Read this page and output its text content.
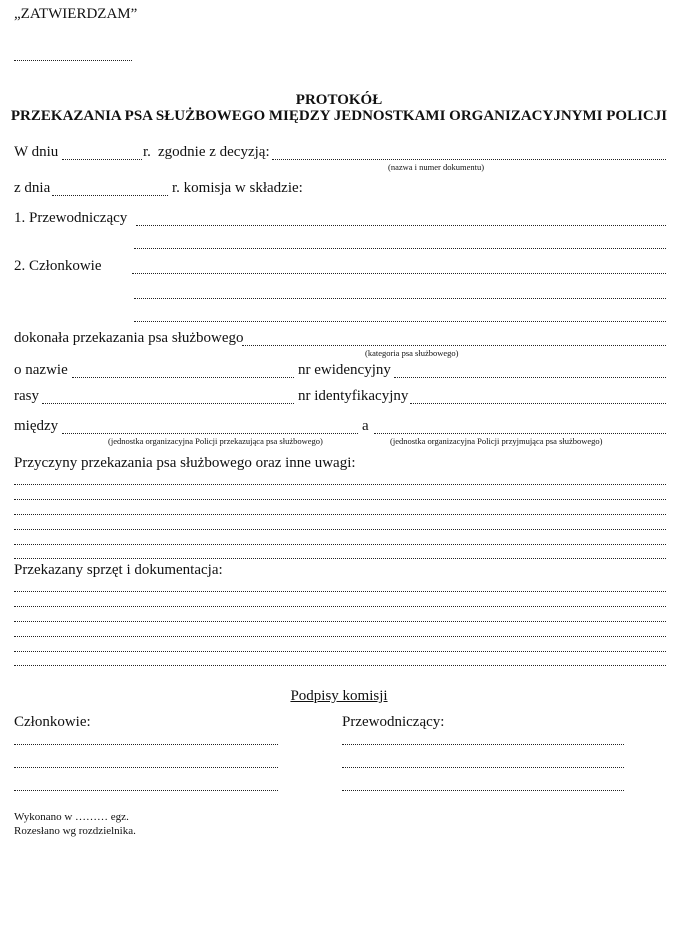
„ZATWIERDZAM”
PROTOKÓŁ
PRZEKAZANIA PSA SŁUŻBOWEGO MIĘDZY JEDNOSTKAMI ORGANIZACYJNYMI POLICJI
W dniu	r. zgodnie z decyzją:
(nazwa i numer dokumentu)
z dnia	r. komisja w składzie:
1. Przewodniczący
2. Członkowie
dokonała przekazania psa służbowego
(kategoria psa służbowego)
o nazwie	nr ewidencyjny
rasy	nr identyfikacyjny
między	a
(jednostka organizacyjna Policji przekazująca psa służbowego)	(jednostka organizacyjna Policji przyjmująca psa służbowego)
Przyczyny przekazania psa służbowego oraz inne uwagi:
Przekazany sprzęt i dokumentacja:
Podpisy komisji
Członkowie:	Przewodniczący:
Wykonano w ……… egz.
Rozesłano wg rozdzielnika.
